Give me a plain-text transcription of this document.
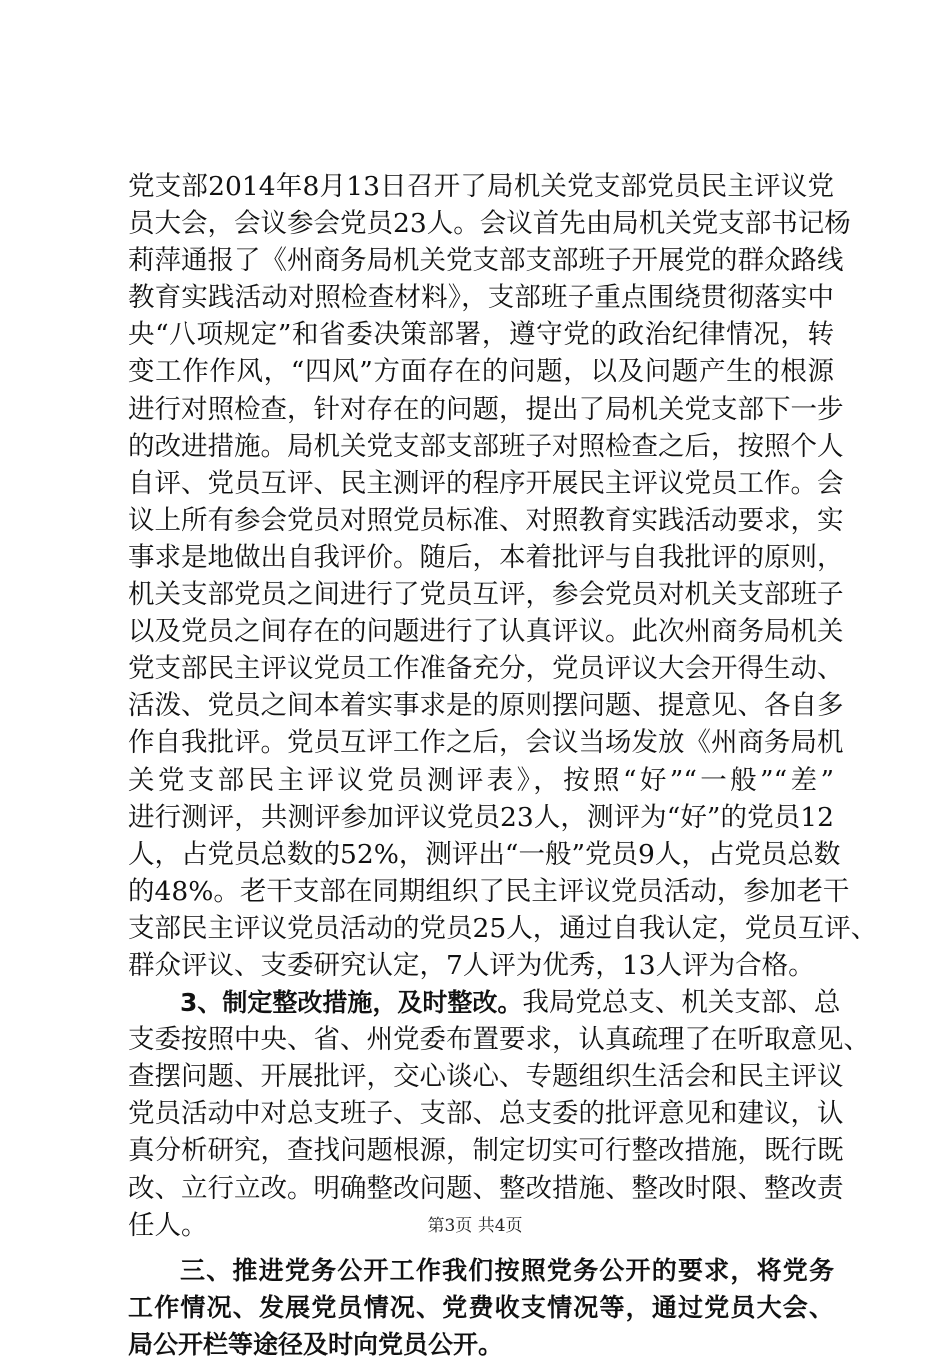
党支部2014年8月13日召开了局机关党支部党员民主评议党
员大会，会议参会党员23人。会议首先由局机关党支部书记杨
莉萍通报了《州商务局机关党支部支部班子开展党的群众路线
教育实践活动对照检查材料》，支部班子重点围绕贯彻落实中
央“八项规定”和省委决策部署，遵守党的政治纪律情况，转
变工作作风，“四风”方面存在的问题，以及问题产生的根源
进行对照检查，针对存在的问题，提出了局机关党支部下一步
的改进措施。局机关党支部支部班子对照检查之后，按照个人
自评、党员互评、民主测评的程序开展民主评议党员工作。会
议上所有参会党员对照党员标准、对照教育实践活动要求，实
事求是地做出自我评价。随后，本着批评与自我批评的原则，
机关支部党员之间进行了党员互评，参会党员对机关支部班子
以及党员之间存在的问题进行了认真评议。此次州商务局机关
党支部民主评议党员工作准备充分，党员评议大会开得生动、
活泼、党员之间本着实事求是的原则摆问题、提意见、各自多
作自我批评。党员互评工作之后，会议当场发放《州商务局机
关党支部民主评议党员测评表》，按照“好”“一般”“差”
进行测评，共测评参加评议党员23人，测评为“好”的党员12
人，占党员总数的52%，测评出“一般”党员9人，占党员总数
的48%。老干支部在同期组织了民主评议党员活动，参加老干
支部民主评议党员活动的党员25人，通过自我认定，党员互评、
群众评议、支委研究认定，7人评为优秀，13人评为合格。
3、制定整改措施，及时整改。我局党总支、机关支部、总
支委按照中央、省、州党委布置要求，认真疏理了在听取意见、
查摆问题、开展批评，交心谈心、专题组织生活会和民主评议
党员活动中对总支班子、支部、总支委的批评意见和建议，认
真分析研究，查找问题根源，制定切实可行整改措施，既行既
改、立行立改。明确整改问题、整改措施、整改时限、整改责
任人。
三、推进党务公开工作我们按照党务公开的要求，将党务
工作情况、发展党员情况、党费收支情况等，通过党员大会、
局公开栏等途径及时向党员公开。
第3页 共4页
